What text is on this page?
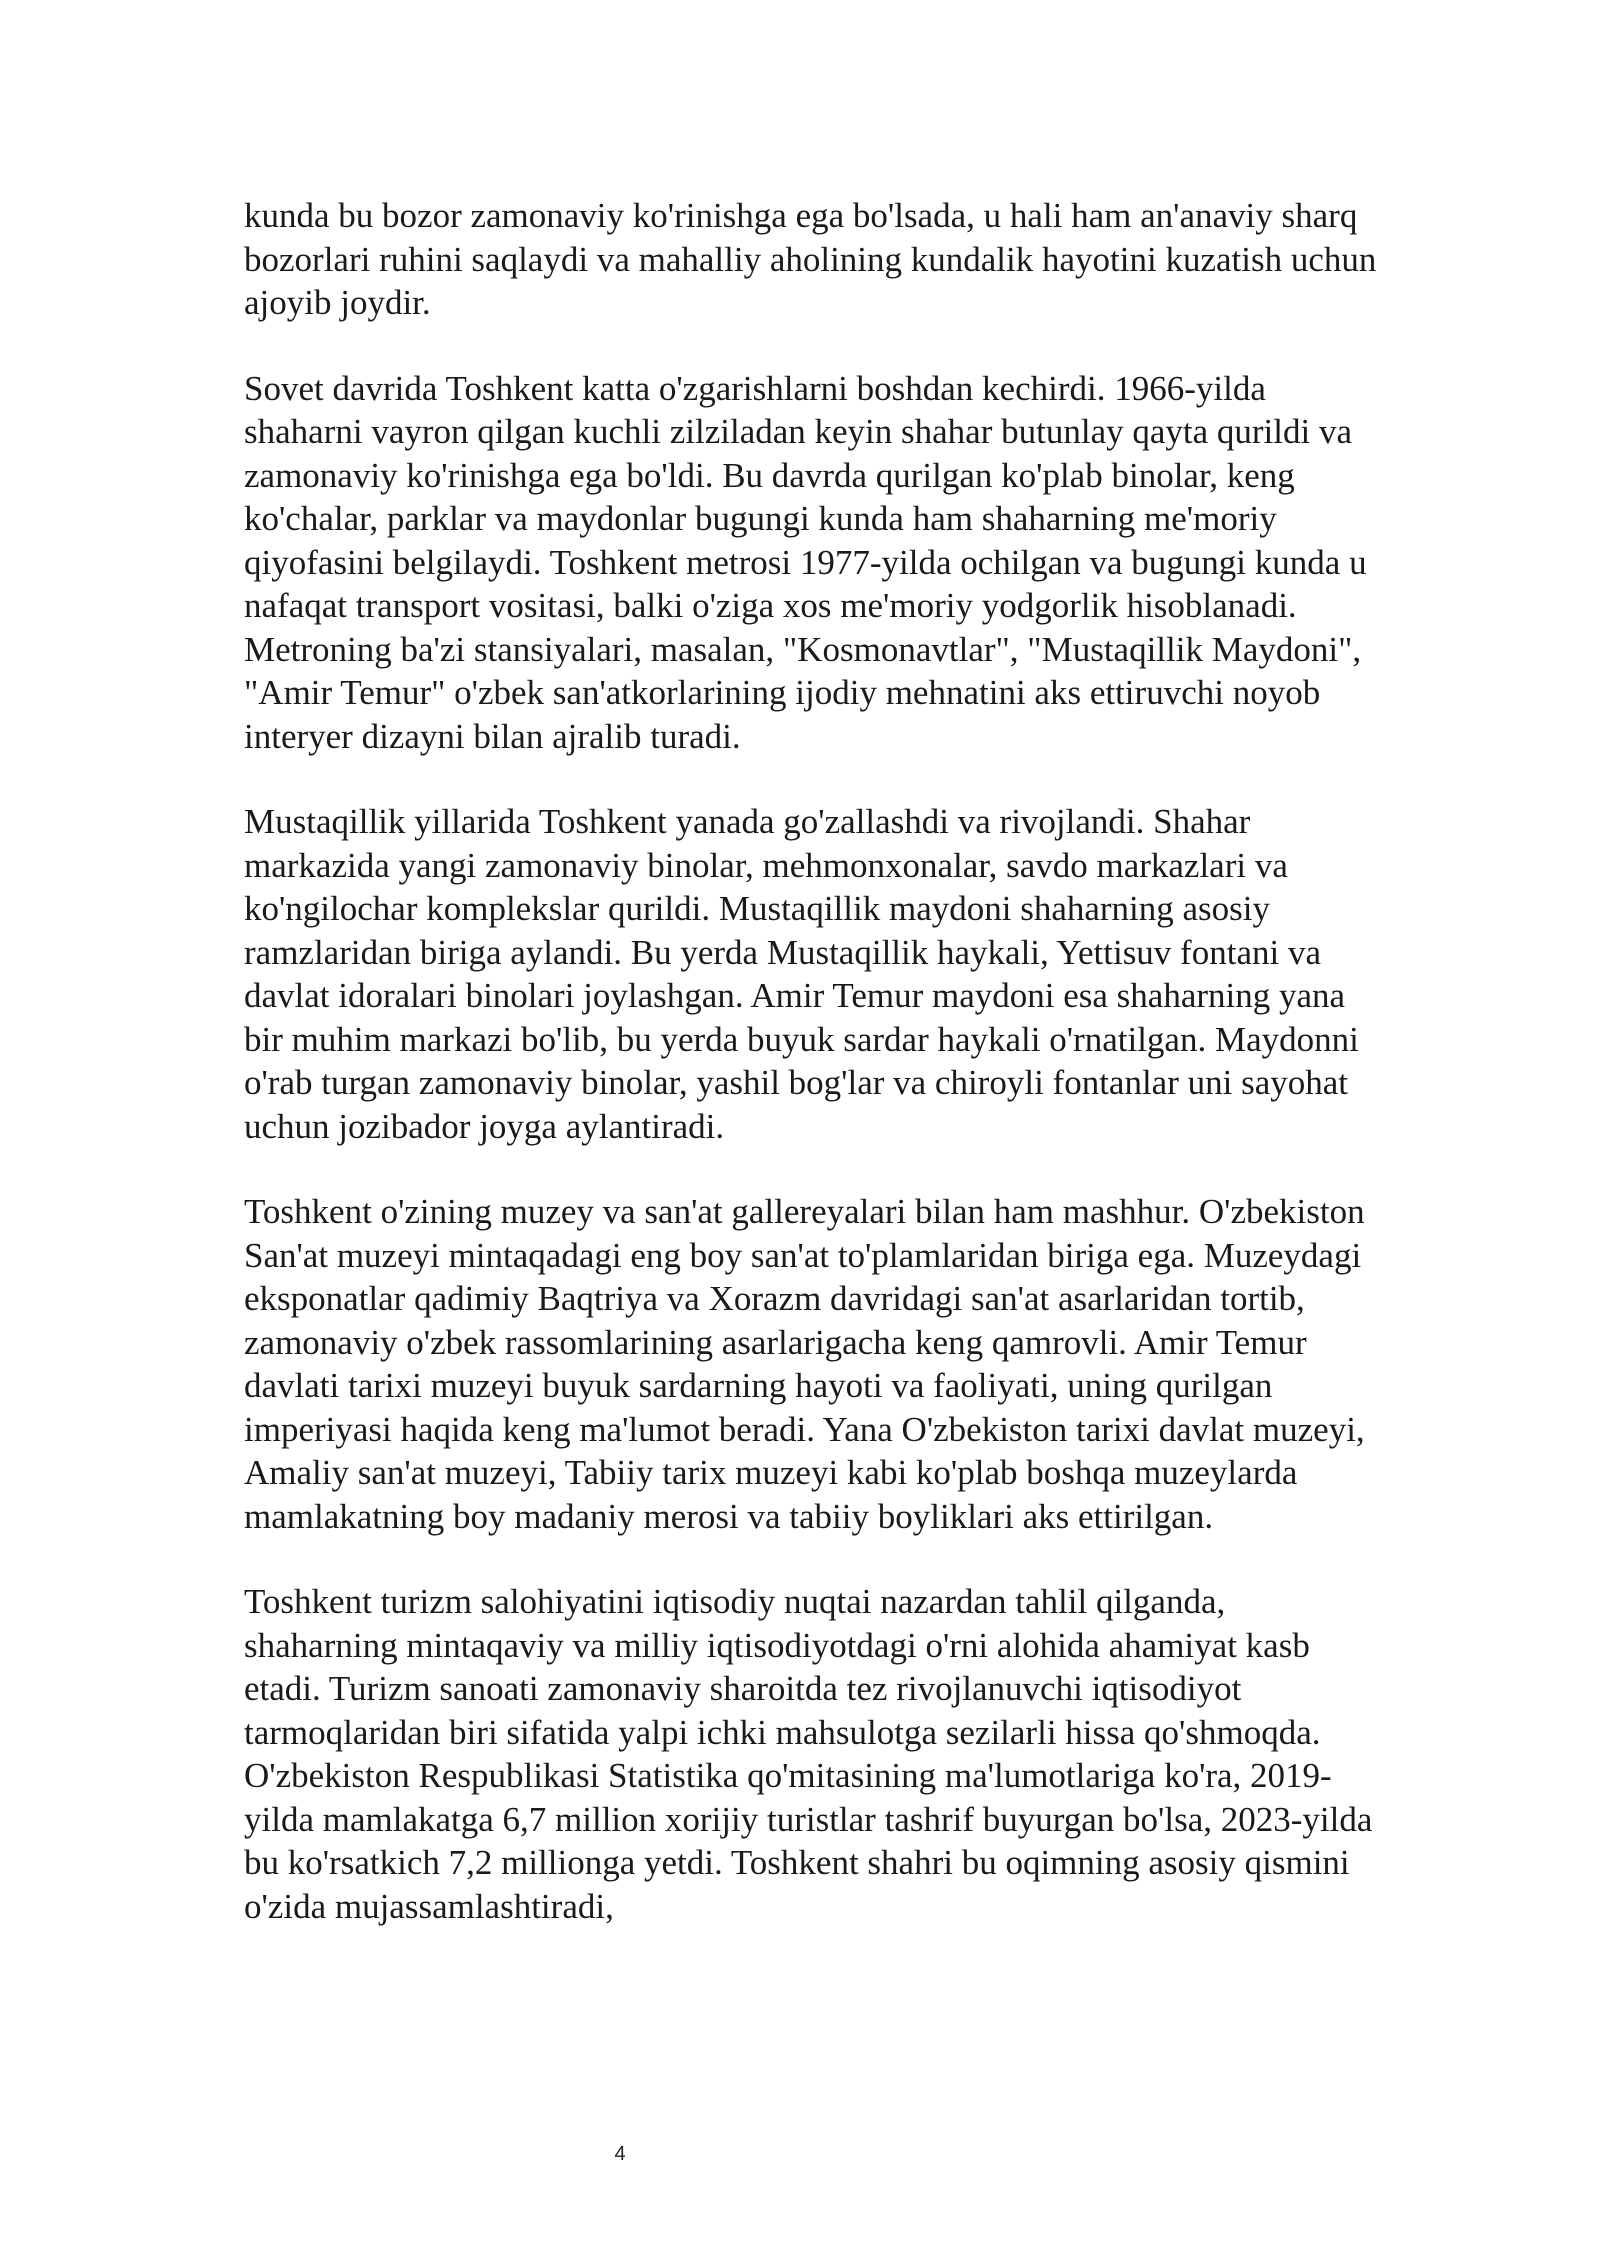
kunda bu bozor zamonaviy ko'rinishga ega bo'lsada, u hali ham an'anaviy sharq bozorlari ruhini saqlaydi va mahalliy aholining kundalik hayotini kuzatish uchun ajoyib joydir.

Sovet davrida Toshkent katta o'zgarishlarni boshdan kechirdi. 1966-yilda shaharni vayron qilgan kuchli zilziladan keyin shahar butunlay qayta qurildi va zamonaviy ko'rinishga ega bo'ldi. Bu davrda qurilgan ko'plab binolar, keng ko'chalar, parklar va maydonlar bugungi kunda ham shaharning me'moriy qiyofasini belgilaydi. Toshkent metrosi 1977-yilda ochilgan va bugungi kunda u nafaqat transport vositasi, balki o'ziga xos me'moriy yodgorlik hisoblanadi. Metroning ba'zi stansiyalari, masalan, "Kosmonavtlar", "Mustaqillik Maydoni", "Amir Temur" o'zbek san'atkorlarining ijodiy mehnatini aks ettiruvchi noyob interyer dizayni bilan ajralib turadi.

Mustaqillik yillarida Toshkent yanada go'zallashdi va rivojlandi. Shahar markazida yangi zamonaviy binolar, mehmonxonalar, savdo markazlari va ko'ngilochar komplekslar qurildi. Mustaqillik maydoni shaharning asosiy ramzlaridan biriga aylandi. Bu yerda Mustaqillik haykali, Yettisuv fontani va davlat idoralari binolari joylashgan. Amir Temur maydoni esa shaharning yana bir muhim markazi bo'lib, bu yerda buyuk sardar haykali o'rnatilgan. Maydonni o'rab turgan zamonaviy binolar, yashil bog'lar va chiroyli fontanlar uni sayohat uchun jozibador joyga aylantiradi.

Toshkent o'zining muzey va san'at gallereyalari bilan ham mashhur. O'zbekiston San'at muzeyi mintaqadagi eng boy san'at to'plamlaridan biriga ega. Muzeydagi eksponatlar qadimiy Baqtriya va Xorazm davridagi san'at asarlaridan tortib, zamonaviy o'zbek rassomlarining asarlarigacha keng qamrovli. Amir Temur davlati tarixi muzeyi buyuk sardarning hayoti va faoliyati, uning qurilgan imperiyasi haqida keng ma'lumot beradi. Yana O'zbekiston tarixi davlat muzeyi, Amaliy san'at muzeyi, Tabiiy tarix muzeyi kabi ko'plab boshqa muzeylarda mamlakatning boy madaniy merosi va tabiiy boyliklari aks ettirilgan.

Toshkent turizm salohiyatini iqtisodiy nuqtai nazardan tahlil qilganda, shaharning mintaqaviy va milliy iqtisodiyotdagi o'rni alohida ahamiyat kasb etadi. Turizm sanoati zamonaviy sharoitda tez rivojlanuvchi iqtisodiyot tarmoqlaridan biri sifatida yalpi ichki mahsulotga sezilarli hissa qo'shmoqda. O'zbekiston Respublikasi Statistika qo'mitasining ma'lumotlariga ko'ra, 2019-yilda mamlakatga 6,7 million xorijiy turistlar tashrif buyurgan bo'lsa, 2023-yilda bu ko'rsatkich 7,2 millionga yetdi. Toshkent shahri bu oqimning asosiy qismini o'zida mujassamlashtiradi,

4
